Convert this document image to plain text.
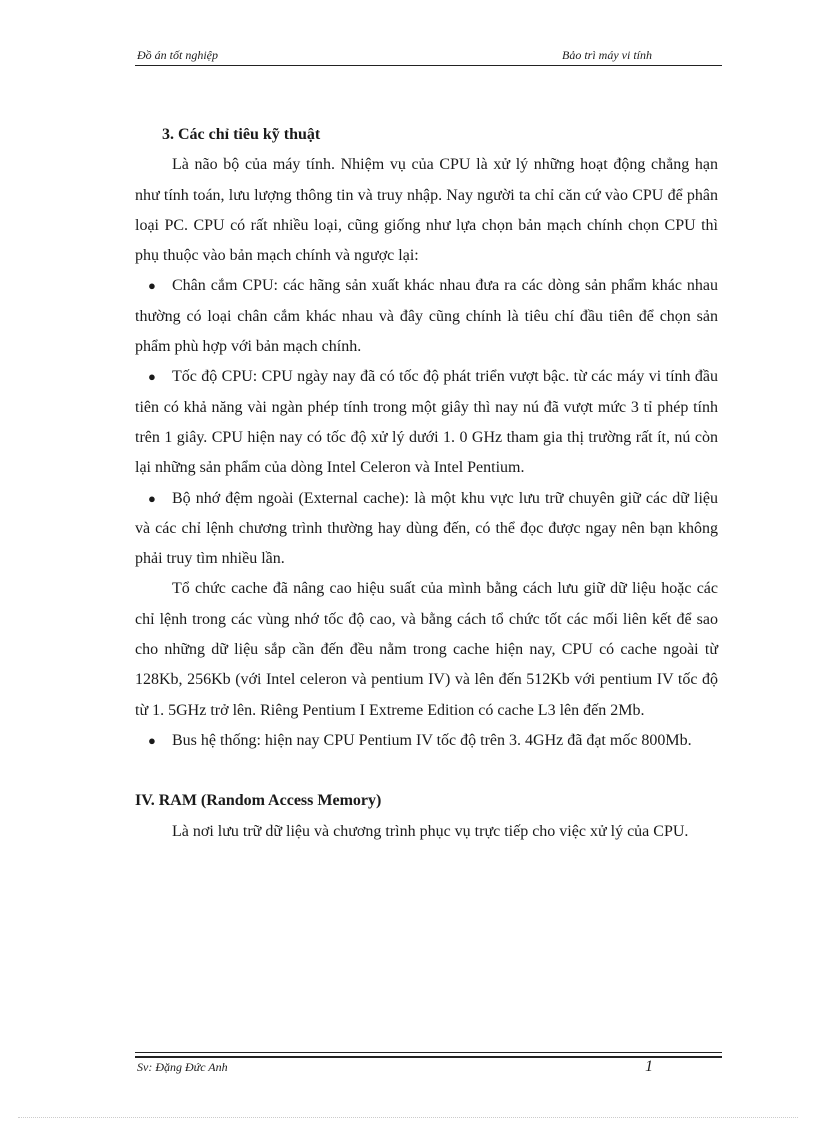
Đồ án tốt nghiệp	Bảo trì máy vi tính

3. Các chỉ tiêu kỹ thuật

Là não bộ của máy tính. Nhiệm vụ của CPU là xử lý những hoạt động chẳng hạn như tính toán, lưu lượng thông tin và truy nhập. Nay người ta chỉ căn cứ vào CPU để phân loại PC. CPU có rất nhiều loại, cũng giống như lựa chọn bản mạch chính chọn CPU thì phụ thuộc vào bản mạch chính và ngược lại:

● Chân cắm CPU: các hãng sản xuất khác nhau đưa ra các dòng sản phẩm khác nhau thường có loại chân cắm khác nhau và đây cũng chính là tiêu chí đầu tiên để chọn sản phẩm phù hợp với bản mạch chính.

● Tốc độ CPU: CPU ngày nay đã có tốc độ phát triển vượt bậc. từ các máy vi tính đầu tiên có khả năng vài ngàn phép tính trong một giây thì nay nú đã vượt mức 3 tỉ phép tính trên 1 giây. CPU hiện nay có tốc độ xử lý dưới 1. 0 GHz tham gia thị trường rất ít, nú còn lại những sản phẩm của dòng Intel Celeron và Intel Pentium.

● Bộ nhớ đệm ngoài (External cache): là một khu vực lưu trữ chuyên giữ các dữ liệu và các chỉ lệnh chương trình thường hay dùng đến, có thể đọc được ngay nên bạn không phải truy tìm nhiều lần.

Tổ chức cache đã nâng cao hiệu suất của mình bằng cách lưu giữ dữ liệu hoặc các chỉ lệnh trong các vùng nhớ tốc độ cao, và bằng cách tổ chức tốt các mối liên kết để sao cho những dữ liệu sắp cần đến đều nằm trong cache hiện nay, CPU có cache ngoài từ 128Kb, 256Kb (với Intel celeron và pentium IV) và lên đến 512Kb với pentium IV tốc độ từ 1. 5GHz trở lên. Riêng Pentium I Extreme Edition có cache L3 lên đến 2Mb.

● Bus hệ thống: hiện nay CPU Pentium IV tốc độ trên 3. 4GHz đã đạt mốc 800Mb.

IV. RAM (Random Access Memory)

Là nơi lưu trữ dữ liệu và chương trình phục vụ trực tiếp cho việc xử lý của CPU.

Sv: Đặng Đức Anh	1
